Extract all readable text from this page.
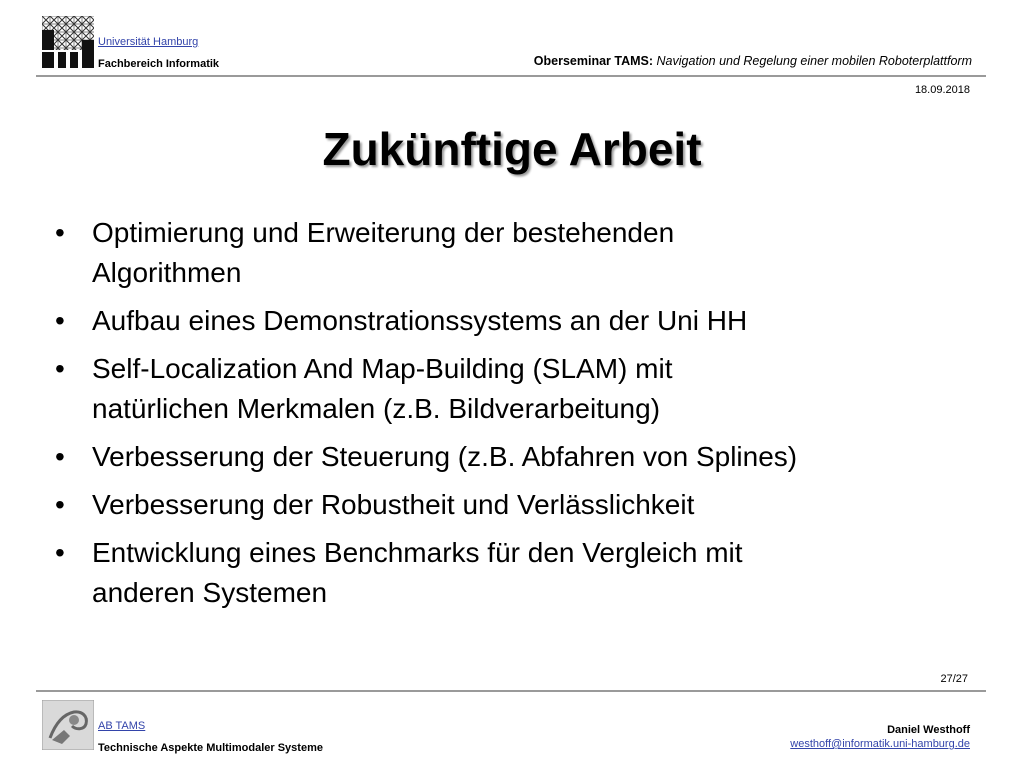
Universität Hamburg
Fachbereich Informatik	Oberseminar TAMS: Navigation und Regelung einer mobilen Roboterplattform
18.09.2018
Zukünftige Arbeit
• Optimierung und Erweiterung der bestehenden
Algorithmen
• Aufbau eines Demonstrationssystems an der Uni HH
• Self-Localization And Map-Building (SLAM) mit
natürlichen Merkmalen (z.B. Bildverarbeitung)
• Verbesserung der Steuerung (z.B. Abfahren von Splines)
• Verbesserung der Robustheit und Verlässlichkeit
• Entwicklung eines Benchmarks für den Vergleich mit
anderen Systemen
27/27
AB TAMS
Technische Aspekte Multimodaler Systeme
Daniel Westhoff
westhoff@informatik.uni-hamburg.de
